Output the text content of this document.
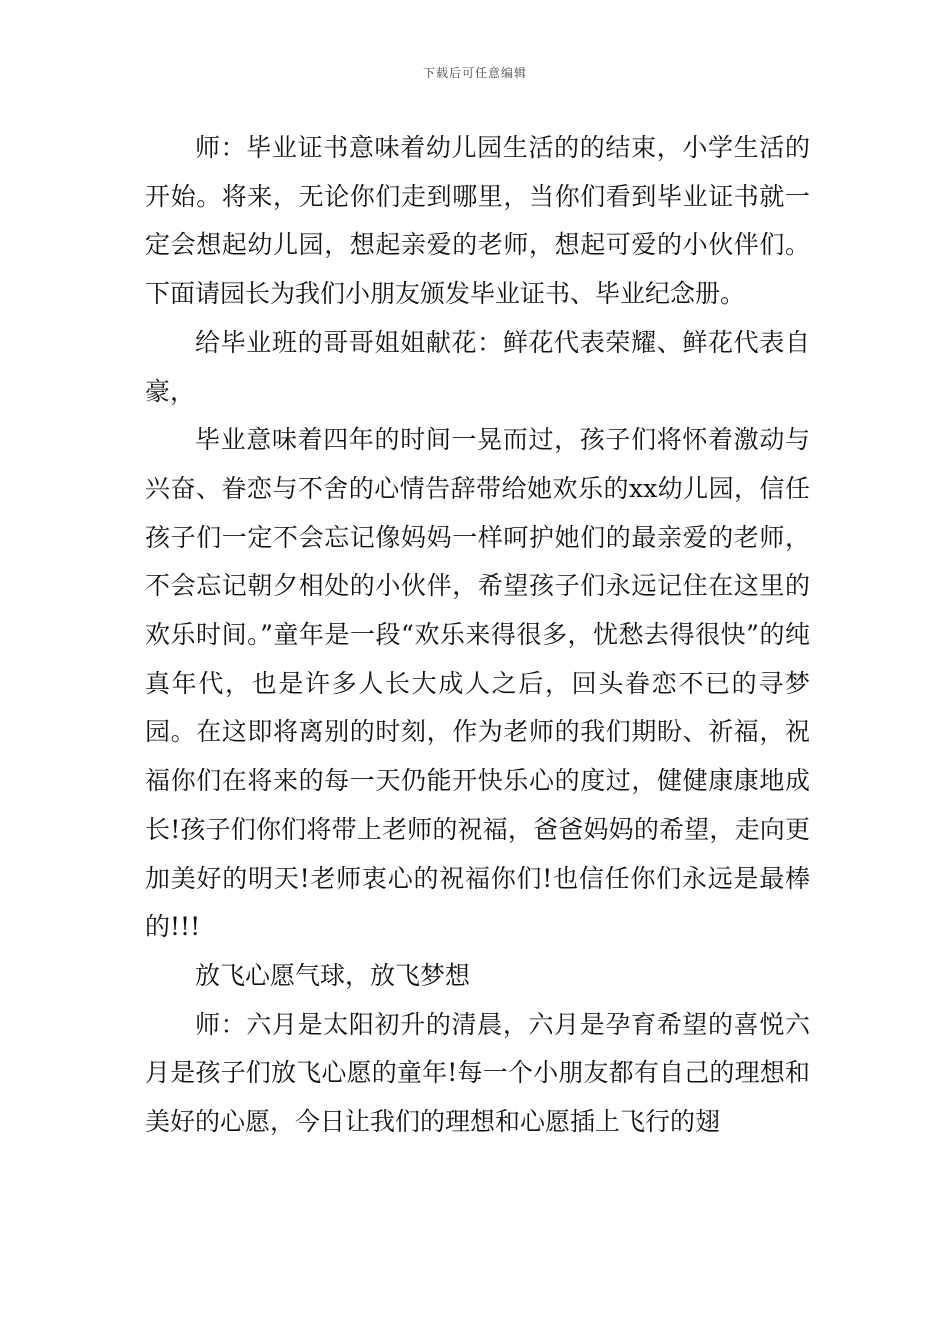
下载后可任意编辑

师：毕业证书意味着幼儿园生活的的结束，小学生活的开始。将来，无论你们走到哪里，当你们看到毕业证书就一定会想起幼儿园，想起亲爱的老师，想起可爱的小伙伴们。下面请园长为我们小朋友颁发毕业证书、毕业纪念册。

给毕业班的哥哥姐姐献花：鲜花代表荣耀、鲜花代表自豪，

毕业意味着四年的时间一晃而过，孩子们将怀着激动与兴奋、眷恋与不舍的心情告辞带给她欢乐的xx幼儿园，信任孩子们一定不会忘记像妈妈一样呵护她们的最亲爱的老师，不会忘记朝夕相处的小伙伴，希望孩子们永远记住在这里的欢乐时间。”童年是一段“欢乐来得很多，忧愁去得很快”的纯真年代，也是许多人长大成人之后，回头眷恋不已的寻梦园。在这即将离别的时刻，作为老师的我们期盼、祈福，祝福你们在将来的每一天仍能开快乐心的度过，健健康康地成长!孩子们你们将带上老师的祝福，爸爸妈妈的希望，走向更加美好的明天!老师衷心的祝福你们!也信任你们永远是最棒的!!!

放飞心愿气球，放飞梦想

师：六月是太阳初升的清晨，六月是孕育希望的喜悦六月是孩子们放飞心愿的童年!每一个小朋友都有自己的理想和美好的心愿，今日让我们的理想和心愿插上飞行的翅
